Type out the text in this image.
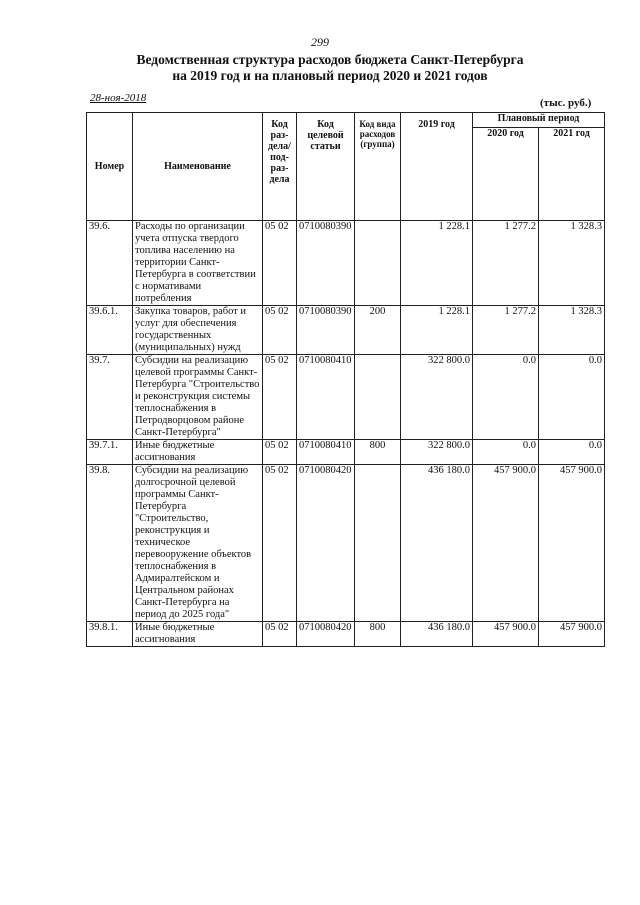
299
Ведомственная структура расходов бюджета Санкт-Петербурга
на 2019 год и на плановый период 2020 и 2021 годов
28-ноя-2018	(тыс. руб.)
Номер	Наименование	Код раз- дела/ под- раз- дела	Код целевой статьи	Код вида расходов (группа)	2019 год	Плановый период	
						2020 год	2021 год
39.6.	Расходы по организации учета отпуска твердого топлива населению на территории Санкт-Петербурга в соответствии с нормативами потребления	05 02	0710080390		1 228.1	1 277.2	1 328.3
39.6.1.	Закупка товаров, работ и услуг для обеспечения государственных (муниципальных) нужд	05 02	0710080390	200	1 228.1	1 277.2	1 328.3
39.7.	Субсидии на реализацию целевой программы Санкт-Петербурга "Строительство и реконструкция системы теплоснабжения в Петродворцовом районе Санкт-Петербурга"	05 02	0710080410		322 800.0	0.0	0.0
39.7.1.	Иные бюджетные ассигнования	05 02	0710080410	800	322 800.0	0.0	0.0
39.8.	Субсидии на реализацию долгосрочной целевой программы Санкт-Петербурга "Строительство, реконструкция и техническое перевооружение объектов теплоснабжения в Адмиралтейском и Центральном районах Санкт-Петербурга на период до 2025 года"	05 02	0710080420		436 180.0	457 900.0	457 900.0
39.8.1.	Иные бюджетные ассигнования	05 02	0710080420	800	436 180.0	457 900.0	457 900.0
